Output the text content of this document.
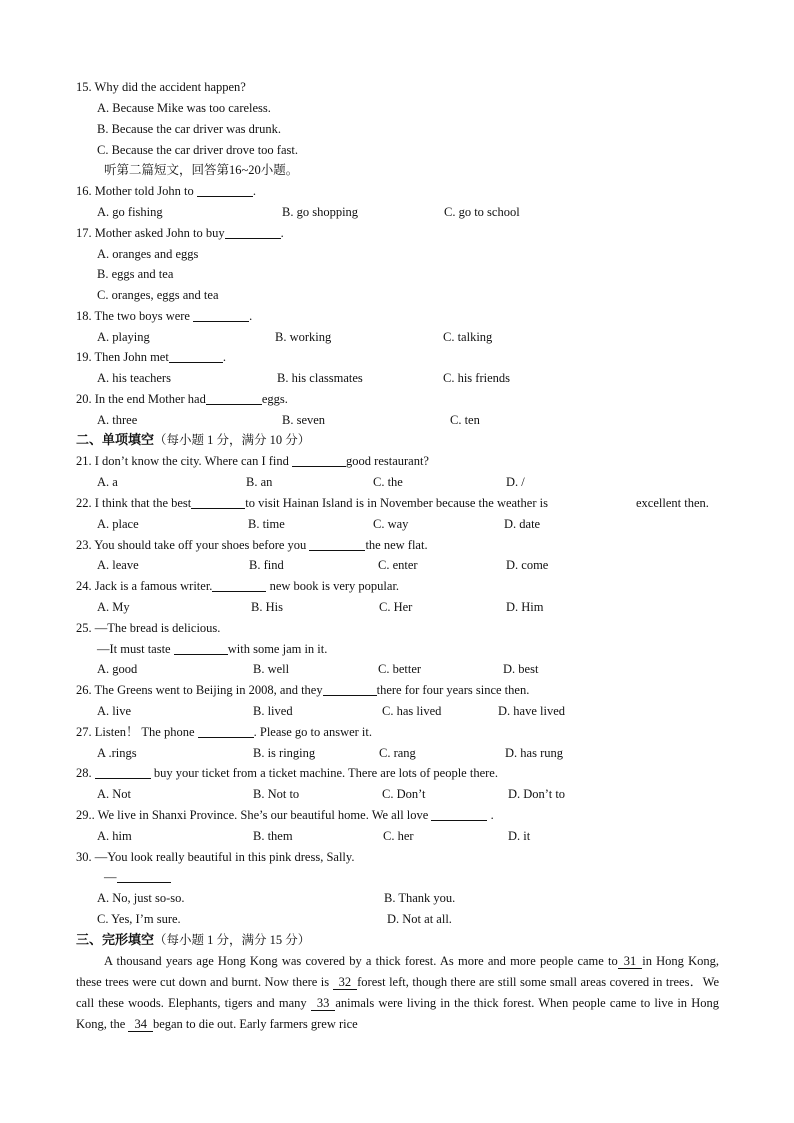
15. Why did the accident happen?
A. Because Mike was too careless.
B. Because the car driver was drunk.
C. Because the car driver drove too fast.
听第二篇短文，回答第16~20小题。
16. Mother told John to	.
A. go fishing	B. go shopping	C. go to school
17. Mother asked John to buy	.
A. oranges and eggs
B. eggs and tea
C. oranges, eggs and tea
18. The two boys were	.
A. playing	B. working	C. talking
19. Then John met	.
A. his teachers	B. his classmates	C. his friends
20. In the end Mother had	eggs.
A. three	B. seven	C. ten
二、单项填空（每小题 1 分，满分 10 分）
21. I don’t know the city. Where can I find	good restaurant?
A. a	B. an	C. the	D. /
22. I think that the best	to visit Hainan Island is in November because the weather is	excellent then.
A. place	B. time	C. way	D. date
23. You should take off your shoes before you	the new flat.
A. leave	B. find	C. enter	D. come
24. Jack is a famous writer.	new book is very popular.
A. My	B. His	C. Her	D. Him
25. —The bread is delicious.
—It must taste	with some jam in it.
A. good	B. well	C. better	D. best
26. The Greens went to Beijing in 2008, and they	there for four years since then.
A. live	B. lived	C. has lived	D. have lived
27. Listen！ The phone	. Please go to answer it.
A .rings	B. is ringing	C. rang	D. has rung
28.	buy your ticket from a ticket machine. There are lots of people there.
A. Not	B. Not to	C. Don’t	D. Don’t to
29.. We live in Shanxi Province. She’s our beautiful home. We all love	.
A. him	B. them	C. her	D. it
30. —You look really beautiful in this pink dress, Sally.
—
A. No, just so-so.	B. Thank you.
C. Yes, I’m sure.	D. Not at all.
三、完形填空（每小题 1 分，满分 15 分）
A thousand years age Hong Kong was covered by a thick forest. As more and more people came to 31 in Hong Kong, these trees were cut down and burnt. Now there is 32 forest left, though there are still some small areas covered in trees．We call these woods. Elephants, tigers and many 33 animals were living in the thick forest. When people came to live in Hong Kong, the 34 began to die out. Early farmers grew rice
